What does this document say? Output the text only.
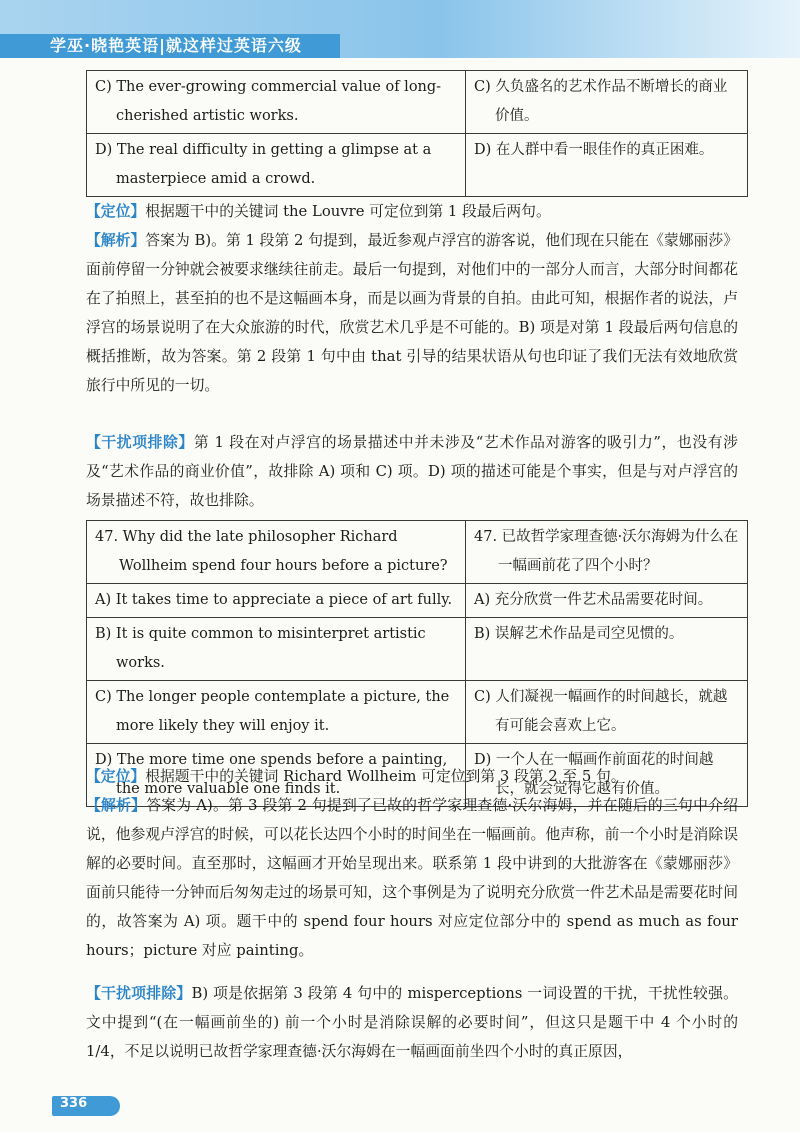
学巫·晓艳英语|就这样过英语六级
C) The ever-growing commercial value of long-cherished artistic works.	C) 久负盛名的艺术作品不断增长的商业价值。

D) The real difficulty in getting a glimpse at a masterpiece amid a crowd.	D) 在人群中看一眼佳作的真正困难。
【定位】根据题干中的关键词 the Louvre 可定位到第 1 段最后两句。
【解析】答案为 B)。第 1 段第 2 句提到，最近参观卢浮宫的游客说，他们现在只能在《蒙娜丽莎》面前停留一分钟就会被要求继续往前走。最后一句提到，对他们中的一部分人而言，大部分时间都花在了拍照上，甚至拍的也不是这幅画本身，而是以画为背景的自拍。由此可知，根据作者的说法，卢浮宫的场景说明了在大众旅游的时代，欣赏艺术几乎是不可能的。B) 项是对第 1 段最后两句信息的概括推断，故为答案。第 2 段第 1 句中由 that 引导的结果状语从句也印证了我们无法有效地欣赏旅行中所见的一切。
【干扰项排除】第 1 段在对卢浮宫的场景描述中并未涉及“艺术作品对游客的吸引力”，也没有涉及“艺术作品的商业价值”，故排除 A) 项和 C) 项。D) 项的描述可能是个事实，但是与对卢浮宫的场景描述不符，故也排除。
47. Why did the late philosopher Richard Wollheim spend four hours before a picture?	47. 已故哲学家理查德·沃尔海姆为什么在一幅画前花了四个小时？

A) It takes time to appreciate a piece of art fully.	A) 充分欣赏一件艺术品需要花时间。

B) It is quite common to misinterpret artistic works.	B) 误解艺术作品是司空见惯的。

C) The longer people contemplate a picture, the more likely they will enjoy it.	C) 人们凝视一幅画作的时间越长，就越有可能会喜欢上它。

D) The more time one spends before a painting, the more valuable one finds it.	D) 一个人在一幅画作前面花的时间越长，就会觉得它越有价值。
【定位】根据题干中的关键词 Richard Wollheim 可定位到第 3 段第 2 至 5 句。
【解析】答案为 A)。第 3 段第 2 句提到了已故的哲学家理查德·沃尔海姆，并在随后的三句中介绍说，他参观卢浮宫的时候，可以花长达四个小时的时间坐在一幅画前。他声称，前一个小时是消除误解的必要时间。直至那时，这幅画才开始呈现出来。联系第 1 段中讲到的大批游客在《蒙娜丽莎》面前只能待一分钟而后匆匆走过的场景可知，这个事例是为了说明充分欣赏一件艺术品是需要花时间的，故答案为 A) 项。题干中的 spend four hours 对应定位部分中的 spend as much as four hours；picture 对应 painting。
【干扰项排除】B) 项是依据第 3 段第 4 句中的 misperceptions 一词设置的干扰，干扰性较强。文中提到“(在一幅画前坐的) 前一个小时是消除误解的必要时间”，但这只是题干中 4 个小时的 1/4，不足以说明已故哲学家理查德·沃尔海姆在一幅画面前坐四个小时的真正原因，
336
